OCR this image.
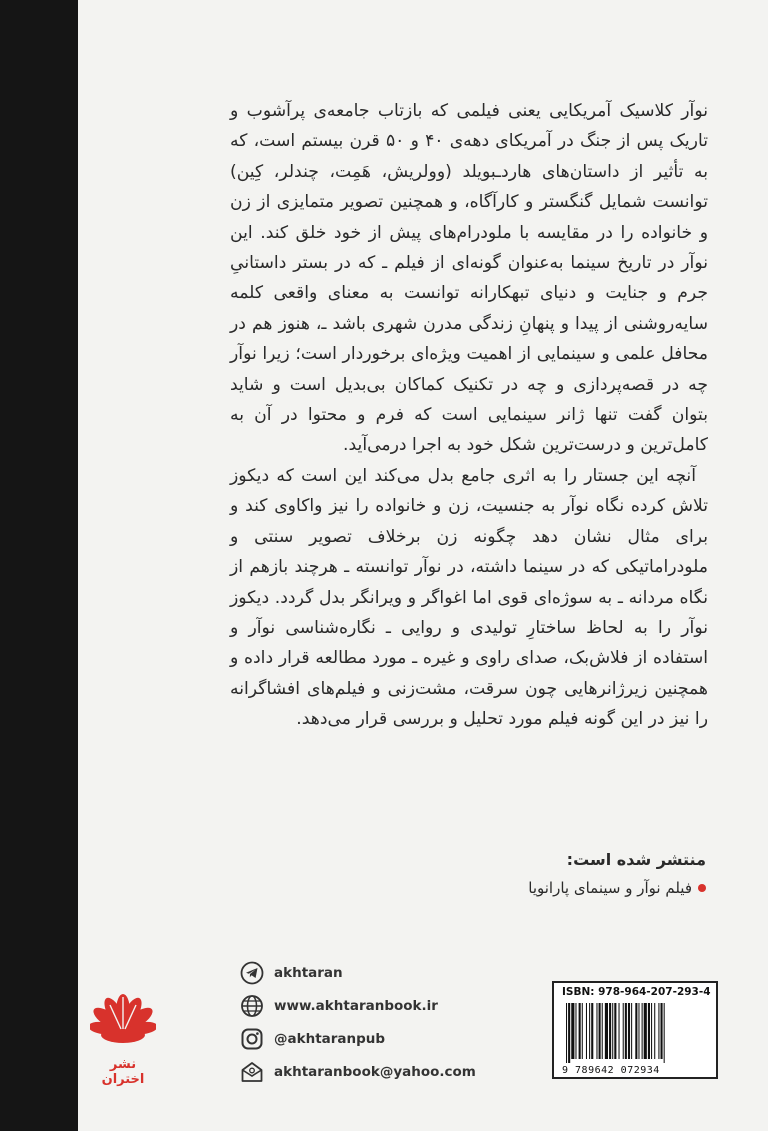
نوآر کلاسیک آمریکایی یعنی فیلمی که بازتاب جامعه‌ی پرآشوب و تاریک پس از جنگ در آمریکای دهه‌ی ۴۰ و ۵۰ قرن بیستم است، که به تأثیر از داستان‌های هاردـبویلد (وولریش، هَمِت، چندلر، کِین) توانست شمایل گنگستر و کارآگاه، و همچنین تصویر متمایزی از زن و خانواده را در مقایسه با ملودرام‌های پیش از خود خلق کند. این نوآر در تاریخ سینما به‌عنوان گونه‌ای از فیلم ـ که در بستر داستانیِ جرم و جنایت و دنیای تبهکارانه توانست به معنای واقعی کلمه سایه‌روشنی از پیدا و پنهانِ زندگی مدرن شهری باشد ـ، هنوز هم در محافل علمی و سینمایی از اهمیت ویژه‌ای برخوردار است؛ زیرا نوآر چه در قصه‌پردازی و چه در تکنیک کماکان بی‌بدیل است و شاید بتوان گفت تنها ژانر سینمایی است که فرم و محتوا در آن به کامل‌ترین و درست‌ترین شکل خود به اجرا درمی‌آید.

آنچه این جستار را به اثری جامع بدل می‌کند این است که دیکوز تلاش کرده نگاه نوآر به جنسیت، زن و خانواده را نیز واکاوی کند و برای مثال نشان دهد چگونه زن برخلاف تصویر سنتی و ملودراماتیکی که در سینما داشته، در نوآر توانسته ـ هرچند بازهم از نگاه مردانه ـ به سوژه‌ای قوی اما اغواگر و ویرانگر بدل گردد. دیکوز نوآر را به لحاظ ساختارِ تولیدی و روایی ـ نگاره‌شناسی نوآر و استفاده از فلاش‌بک، صدای راوی و غیره ـ مورد مطالعه قرار داده و همچنین زیرژانرهایی چون سرقت، مشت‌زنی و فیلم‌های افشاگرانه را نیز در این گونه فیلم مورد تحلیل و بررسی قرار می‌دهد.

منتشر شده است:
فیلم نوآر و سینمای پارانویا
akhtaran
www.akhtaranbook.ir
@akhtaranpub
akhtaranbook@yahoo.com
نشر اختران
ISBN: 978-964-207-293-4
9 789642 072934
